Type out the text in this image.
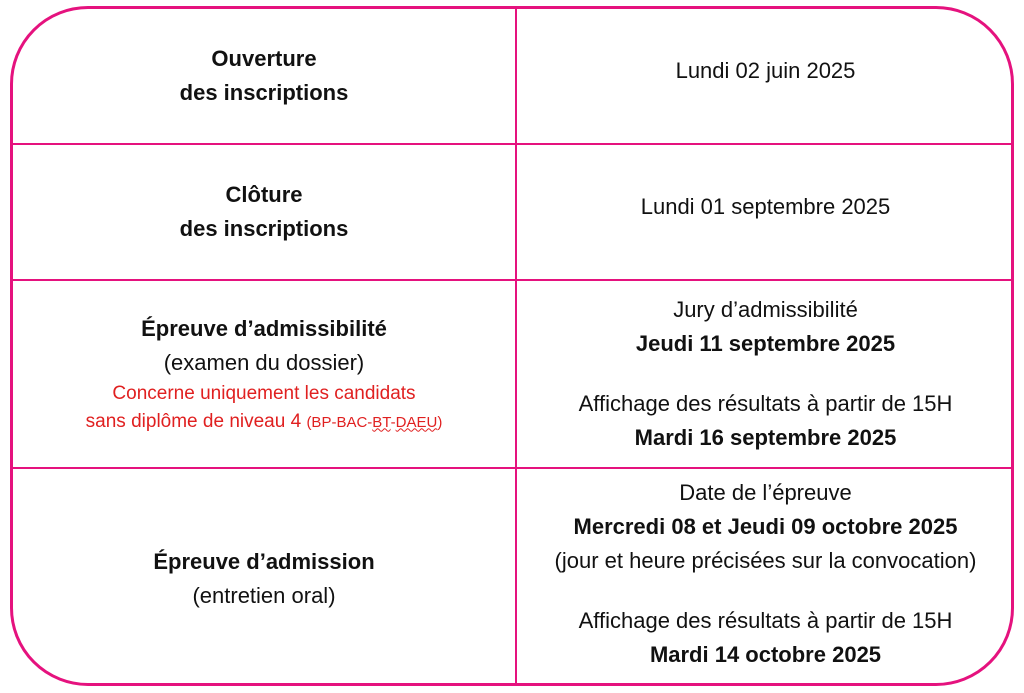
Ouverture
des inscriptions
Lundi 02 juin 2025
Clôture
des inscriptions
Lundi 01 septembre 2025
Épreuve d’admissibilité
(examen du dossier)
Concerne uniquement les candidats
sans diplôme de niveau 4 (BP-BAC-BT-DAEU)
Jury d’admissibilité
Jeudi 11 septembre 2025
Affichage des résultats à partir de 15H
Mardi 16 septembre 2025
Épreuve d’admission
(entretien oral)
Date de l’épreuve
Mercredi 08 et Jeudi 09 octobre 2025
(jour et heure précisées sur la convocation)
Affichage des résultats à partir de 15H
Mardi 14 octobre 2025
